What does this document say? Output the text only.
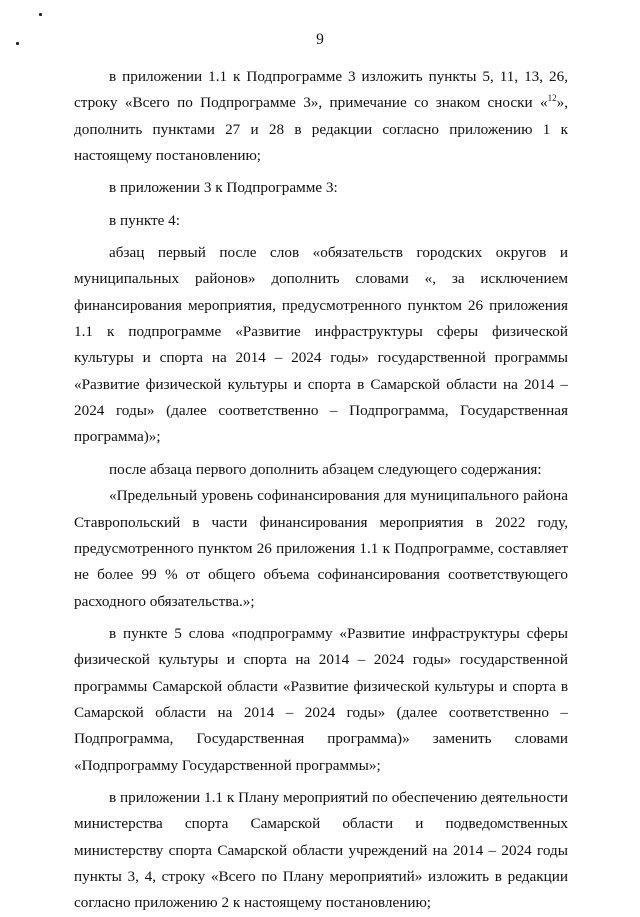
9

в приложении 1.1 к Подпрограмме 3 изложить пункты 5, 11, 13, 26, строку «Всего по Подпрограмме 3», примечание со знаком сноски «$^{12}$», дополнить пунктами 27 и 28 в редакции согласно приложению 1 к настоящему постановлению;

в приложении 3 к Подпрограмме 3:

в пункте 4:

абзац первый после слов «обязательств городских округов и муниципальных районов» дополнить словами «, за исключением финансирования мероприятия, предусмотренного пунктом 26 приложения 1.1 к подпрограмме «Развитие инфраструктуры сферы физической культуры и спорта на 2014 – 2024 годы» государственной программы «Развитие физической культуры и спорта в Самарской области на 2014 – 2024 годы» (далее соответственно – Подпрограмма, Государственная программа)»;

после абзаца первого дополнить абзацем следующего содержания:

«Предельный уровень софинансирования для муниципального района Ставропольский в части финансирования мероприятия в 2022 году, предусмотренного пунктом 26 приложения 1.1 к Подпрограмме, составляет не более 99 % от общего объема софинансирования соответствующего расходного обязательства.»;

в пункте 5 слова «подпрограмму «Развитие инфраструктуры сферы физической культуры и спорта на 2014 – 2024 годы» государственной программы Самарской области «Развитие физической культуры и спорта в Самарской области на 2014 – 2024 годы» (далее соответственно – Подпрограмма, Государственная программа)» заменить словами «Подпрограмму Государственной программы»;

в приложении 1.1 к Плану мероприятий по обеспечению деятельности министерства спорта Самарской области и подведомственных министерству спорта Самарской области учреждений на 2014 – 2024 годы пункты 3, 4, строку «Всего по Плану мероприятий» изложить в редакции согласно приложению 2 к настоящему постановлению;
